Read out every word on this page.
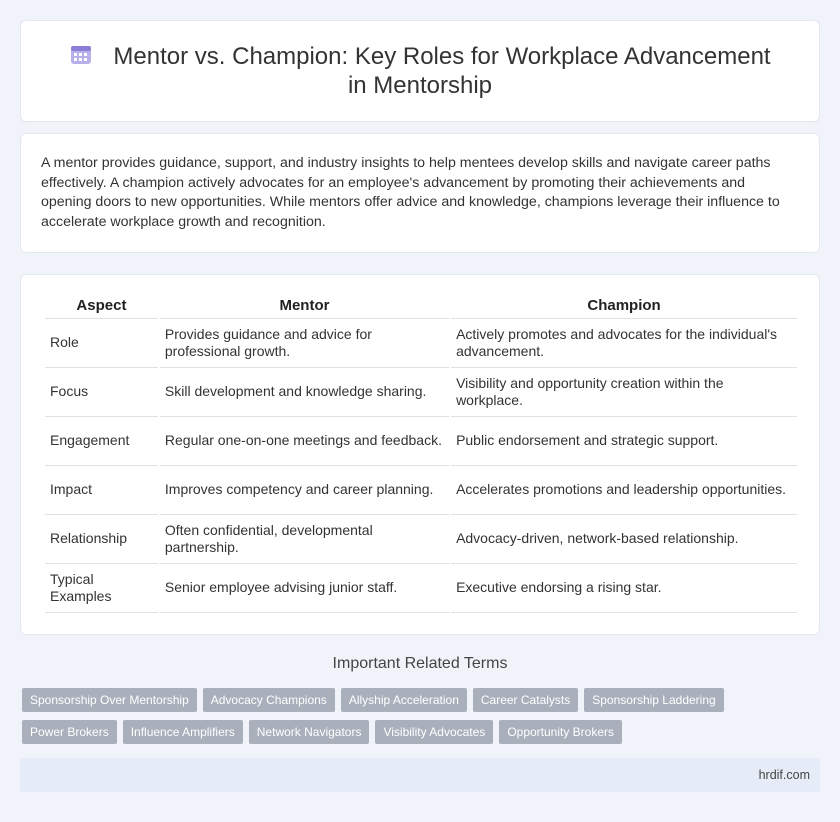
Mentor vs. Champion: Key Roles for Workplace Advancement in Mentorship

A mentor provides guidance, support, and industry insights to help mentees develop skills and navigate career paths effectively. A champion actively advocates for an employee's advancement by promoting their achievements and opening doors to new opportunities. While mentors offer advice and knowledge, champions leverage their influence to accelerate workplace growth and recognition.

Aspect	Mentor	Champion
Role	Provides guidance and advice for professional growth.	Actively promotes and advocates for the individual's advancement.
Focus	Skill development and knowledge sharing.	Visibility and opportunity creation within the workplace.
Engagement	Regular one-on-one meetings and feedback.	Public endorsement and strategic support.
Impact	Improves competency and career planning.	Accelerates promotions and leadership opportunities.
Relationship	Often confidential, developmental partnership.	Advocacy-driven, network-based relationship.
Typical Examples	Senior employee advising junior staff.	Executive endorsing a rising star.
Important Related Terms
Sponsorship Over Mentorship	Advocacy Champions	Allyship Acceleration	Career Catalysts	Sponsorship Laddering
Power Brokers	Influence Amplifiers	Network Navigators	Visibility Advocates	Opportunity Brokers
hrdif.com
